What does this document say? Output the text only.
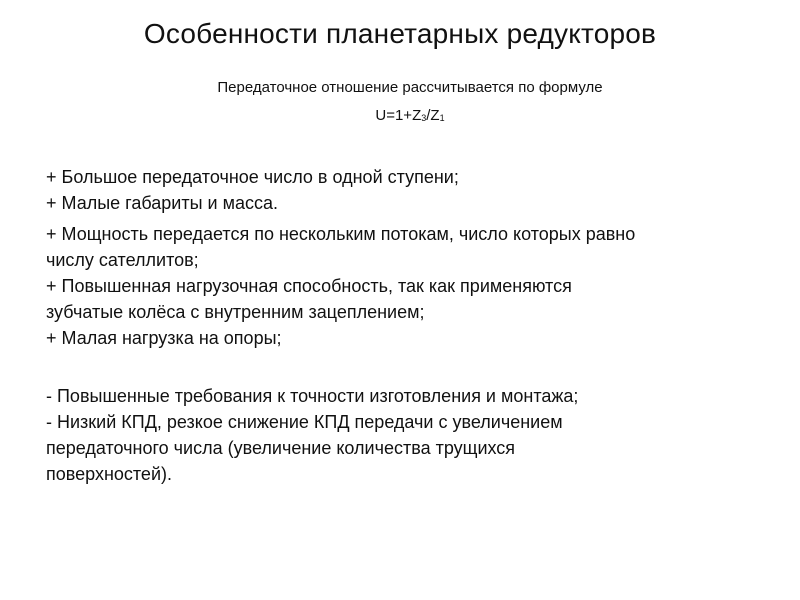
Особенности планетарных редукторов
Передаточное отношение рассчитывается по формуле
$U=1+Z_3/Z_1$
+ Большое передаточное число в одной ступени;
+ Малые габариты и масса.
+ Мощность передается по нескольким потокам, число которых равно
числу сателлитов;
+ Повышенная нагрузочная способность, так как применяются
зубчатые колёса с внутренним зацеплением;
+ Малая нагрузка на опоры;
- Повышенные требования к точности изготовления и монтажа;
- Низкий КПД, резкое снижение КПД передачи с увеличением
передаточного числа (увеличение количества трущихся
поверхностей).
